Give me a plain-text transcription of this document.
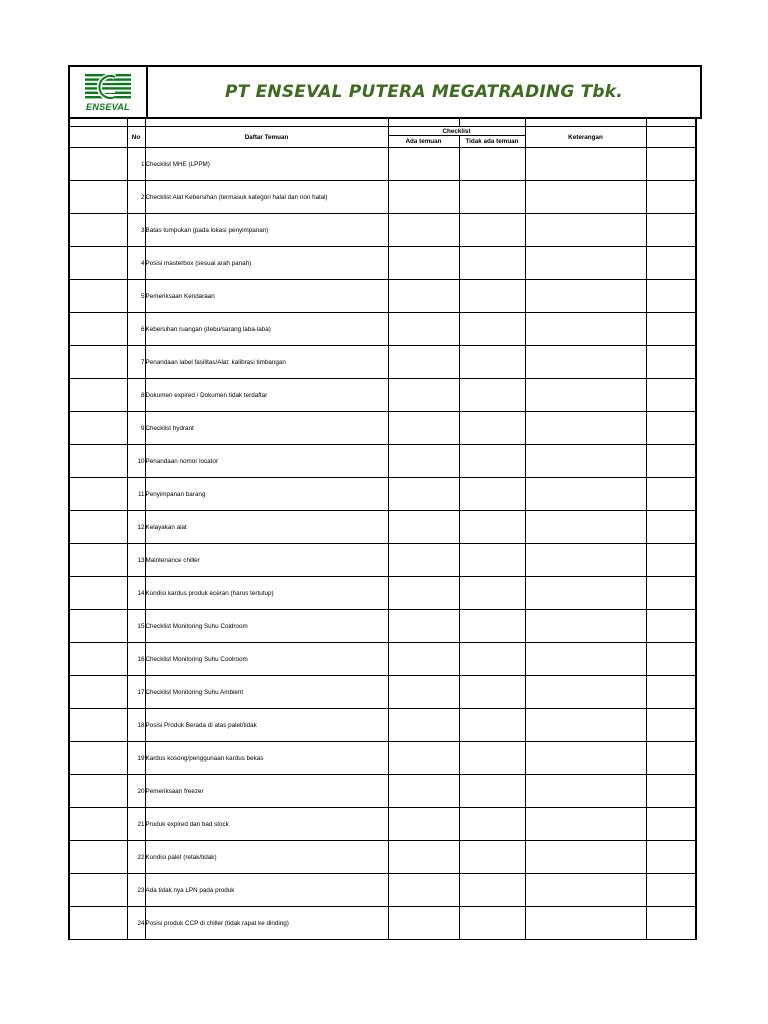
ENSEVAL
PT ENSEVAL PUTERA MEGATRADING Tbk.

	No	Daftar Temuan	Checklist		Keterangan	
			Ada temuan	Tidak ada temuan		
	1	Checklist MHE (LPPM)				
	2	Checklist Alat Kebersihan (termasuk kategori halal dan non halal)				
	3	Batas tumpukan (pada lokasi penyimpanan)				
	4	Posisi masterbox (sesuai arah panah)				
	5	Pemeriksaan Kendaraan				
	6	Kebersihan ruangan (debu/sarang laba-laba)				
	7	Penandaan label fasilitas/Alat: kalibrasi timbangan				
	8	Dokumen expired / Dokumen tidak terdaftar				
	9	Checklist hydrant				
	10	Penandaan nomor locator				
	11	Penyimpanan barang				
	12	Kelayakan alat				
	13	Maintenance chiller				
	14	Kondisi kardus produk eceran (harus tertutup)				
	15	Checklist Monitoring Suhu Coldroom				
	16	Checklist Monitoring Suhu Coolroom				
	17	Checklist Monitoring Suhu Ambient				
	18	Posisi Produk Berada di atas palet/tidak				
	19	Kardus kosong/penggunaan kardus bekas				
	20	Pemeriksaan freezer				
	21	Produk expired dan bad stock				
	22	Kondisi palet (retak/tidak)				
	23	Ada tidak nya LPN pada produk				
	24	Posisi produk CCP di chiller (tidak rapat ke dinding)				
